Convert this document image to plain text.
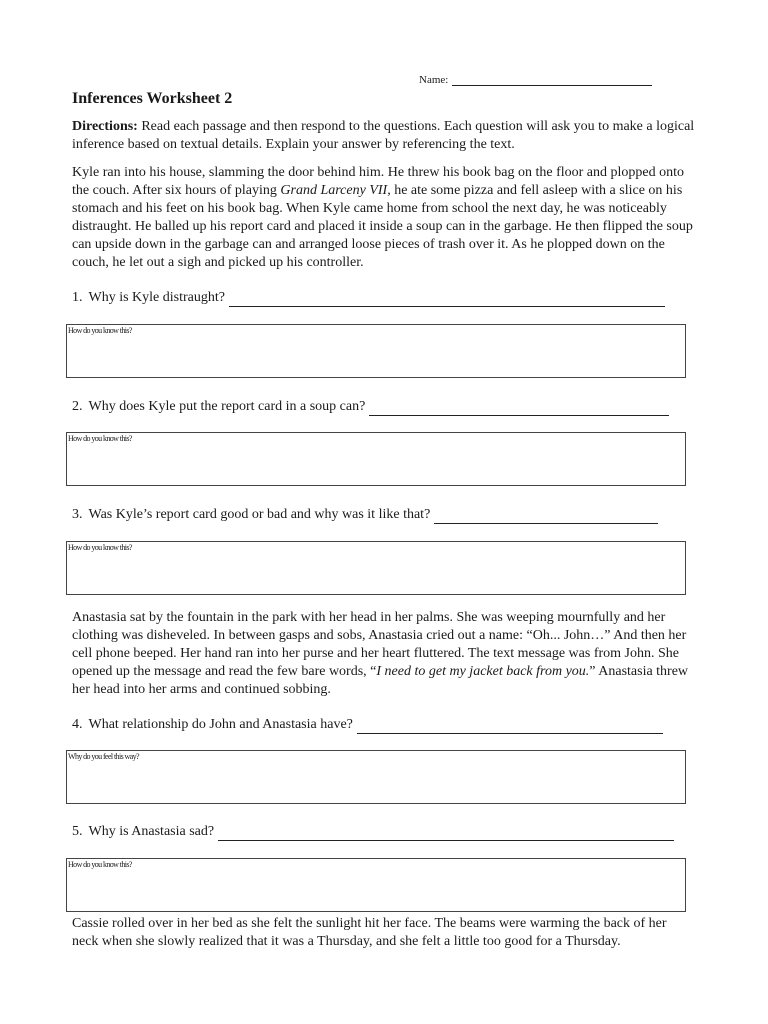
Name:
Inferences Worksheet 2

Directions: Read each passage and then respond to the questions. Each question will ask you to make a logical inference based on textual details. Explain your answer by referencing the text.

Kyle ran into his house, slamming the door behind him. He threw his book bag on the floor and plopped onto the couch. After six hours of playing Grand Larceny VII, he ate some pizza and fell asleep with a slice on his stomach and his feet on his book bag. When Kyle came home from school the next day, he was noticeably distraught. He balled up his report card and placed it inside a soup can in the garbage. He then flipped the soup can upside down in the garbage can and arranged loose pieces of trash over it. As he plopped down on the couch, he let out a sigh and picked up his controller.

1. Why is Kyle distraught?
How do you know this?
2. Why does Kyle put the report card in a soup can?
How do you know this?
3. Was Kyle’s report card good or bad and why was it like that?
How do you know this?

Anastasia sat by the fountain in the park with her head in her palms. She was weeping mournfully and her clothing was disheveled. In between gasps and sobs, Anastasia cried out a name: “Oh... John…” And then her cell phone beeped. Her hand ran into her purse and her heart fluttered. The text message was from John. She opened up the message and read the few bare words, “I need to get my jacket back from you.” Anastasia threw her head into her arms and continued sobbing.

4. What relationship do John and Anastasia have?
Why do you feel this way?
5. Why is Anastasia sad?
How do you know this?

Cassie rolled over in her bed as she felt the sunlight hit her face. The beams were warming the back of her neck when she slowly realized that it was a Thursday, and she felt a little too good for a Thursday.
